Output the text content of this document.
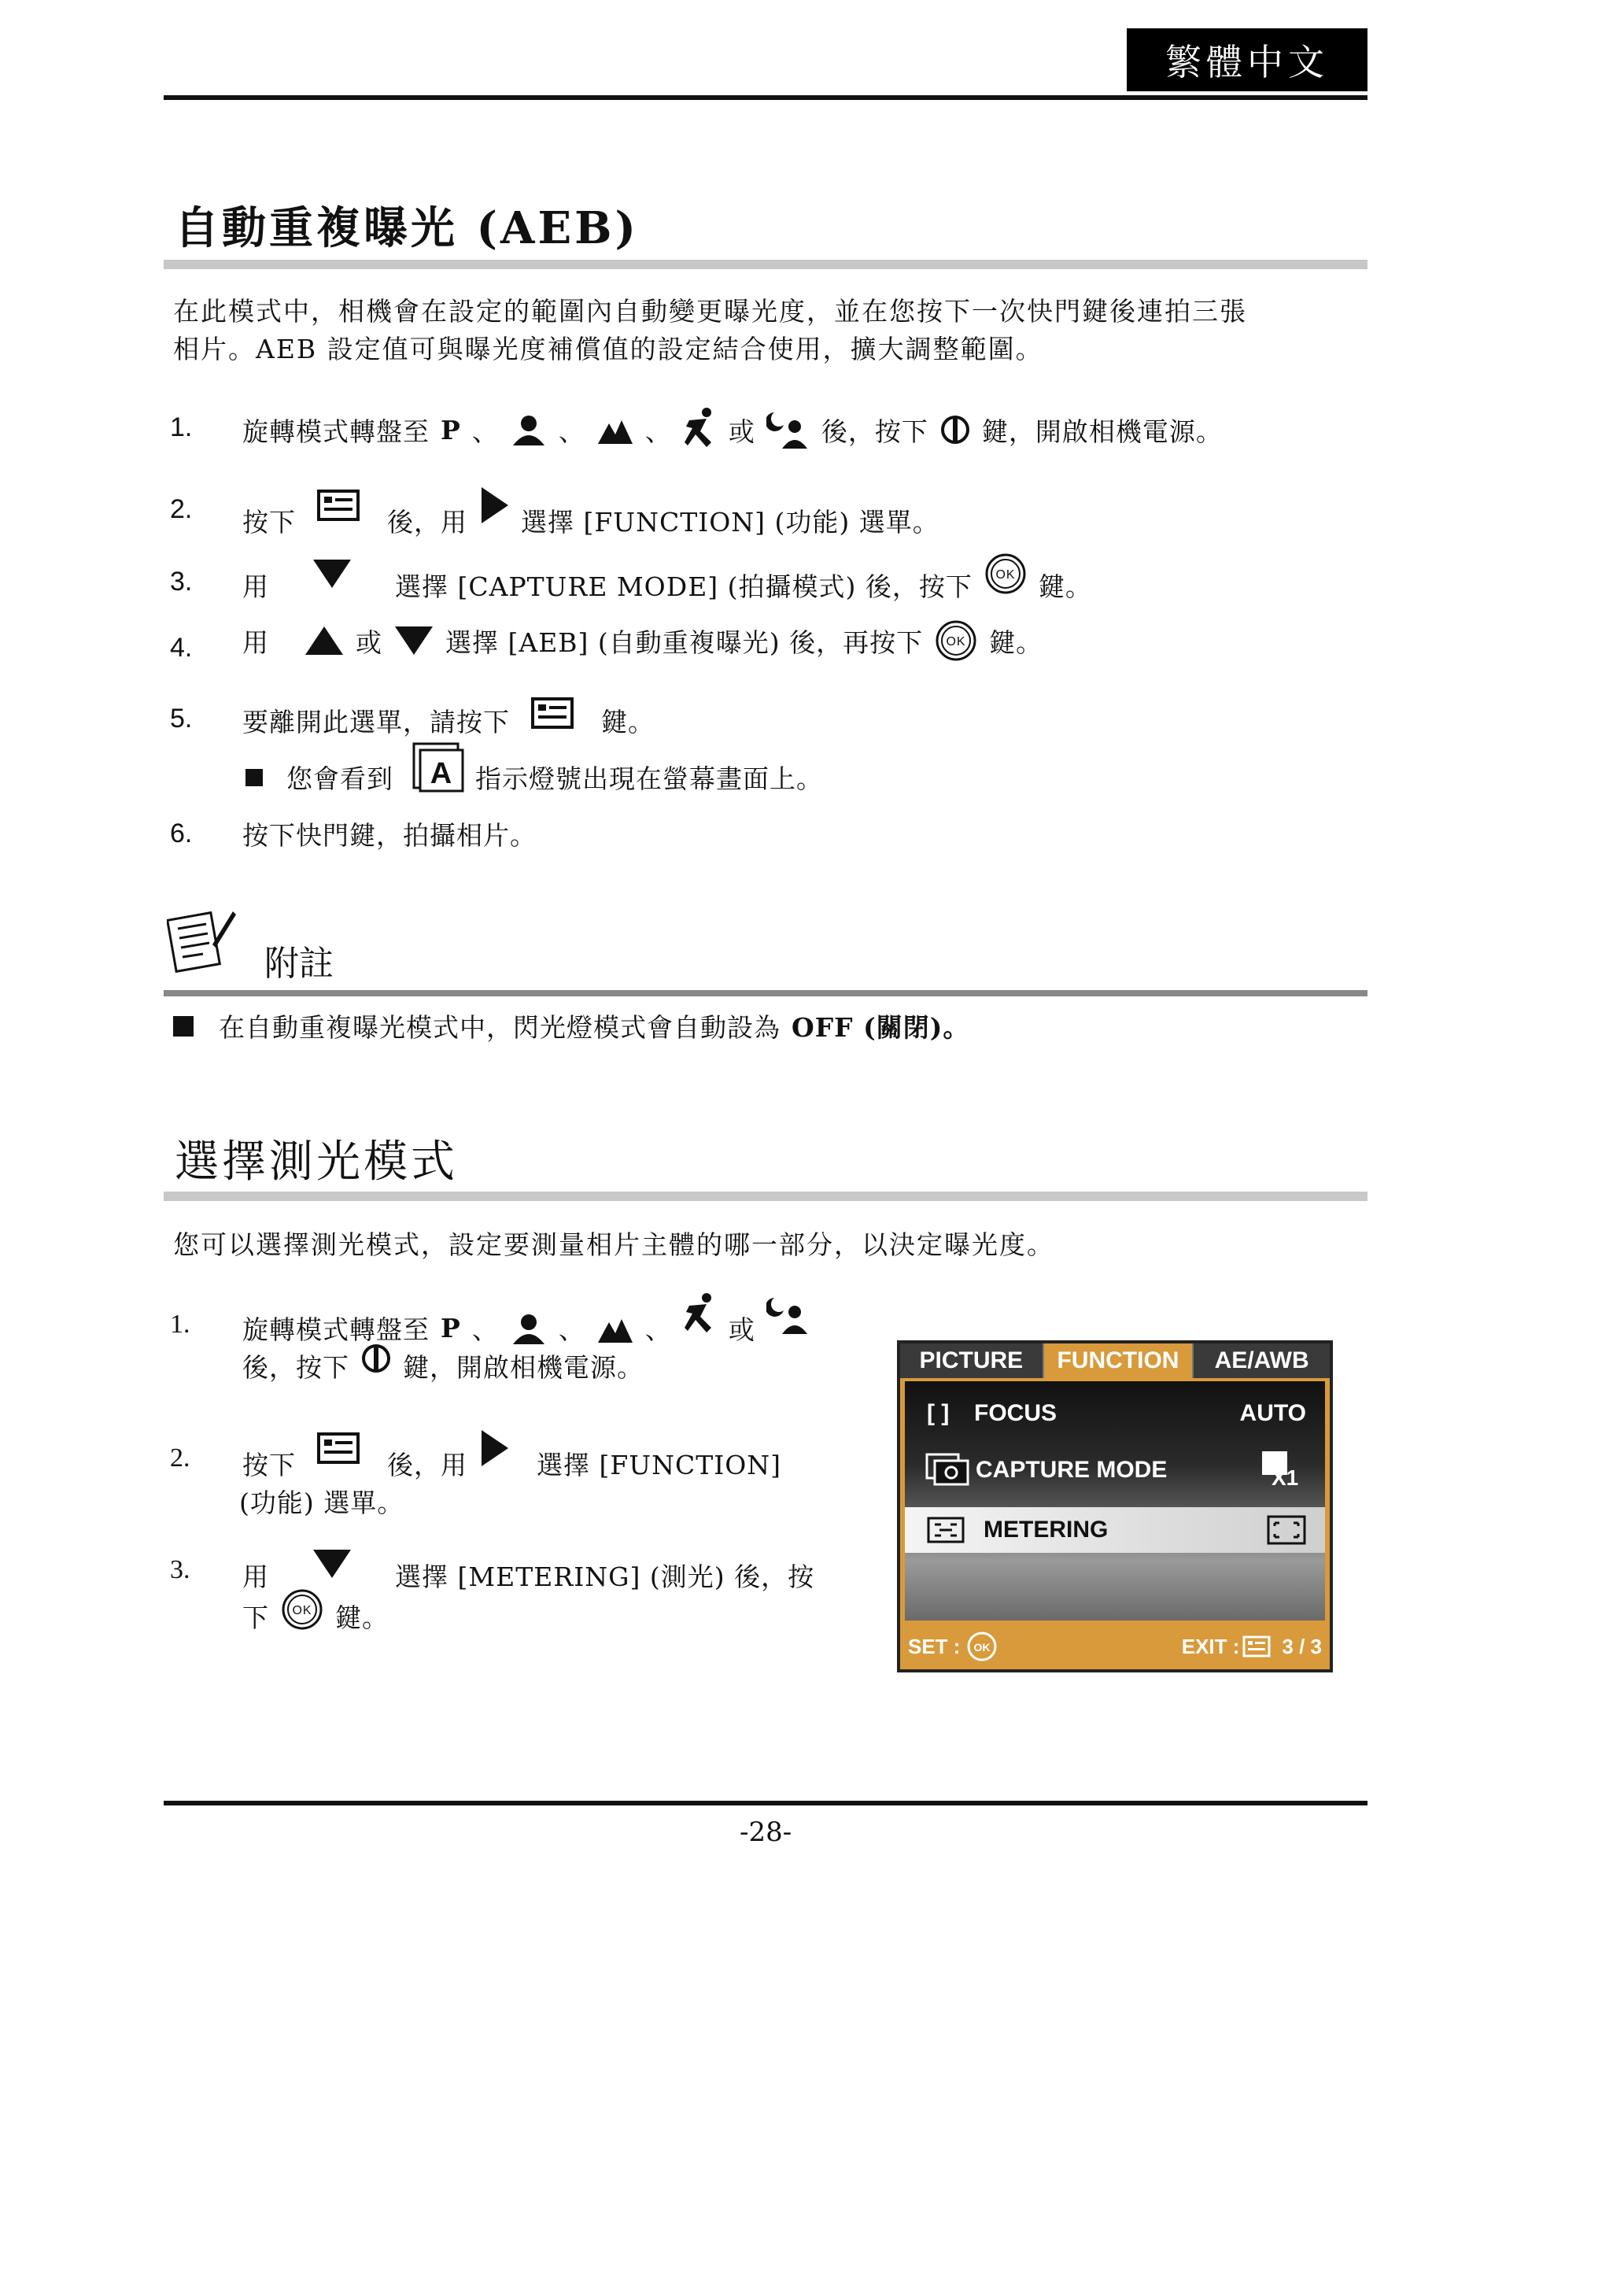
繁體中文
自動重複曝光 (AEB)
在此模式中，相機會在設定的範圍內自動變更曝光度，並在您按下一次快門鍵後連拍三張
相片。AEB 設定值可與曝光度補償值的設定結合使用，擴大調整範圍。
1. 旋轉模式轉盤至 P 、 、 、 或	後，按下 鍵，開啟相機電源。
2. 按下	後，用 選擇 [FUNCTION] (功能) 選單。
3. 用	選擇 [CAPTURE MODE] (拍攝模式) 後，按下 OK 鍵。
4. 用	或 選擇 [AEB] (自動重複曝光) 後，再按下 OK 鍵。
5. 要離開此選單，請按下	鍵。
您會看到 A 指示燈號出現在螢幕畫面上。
6. 按下快門鍵，拍攝相片。
附註
在自動重複曝光模式中，閃光燈模式會自動設為 OFF (關閉)。
選擇測光模式
您可以選擇測光模式，設定要測量相片主體的哪一部分，以決定曝光度。
1. 旋轉模式轉盤至 P 、 、 、 或
後，按下 鍵，開啟相機電源。
2. 按下	後，用	選擇 [FUNCTION]
(功能) 選單。
3. 用	選擇 [METERING] (測光) 後，按
下 OK 鍵。
PICTURE	FUNCTION	AE/AWB
[ ]	FOCUS	AUTO
CAPTURE MODE	X1
METERING
SET : OK	EXIT : 3 / 3
-28-
